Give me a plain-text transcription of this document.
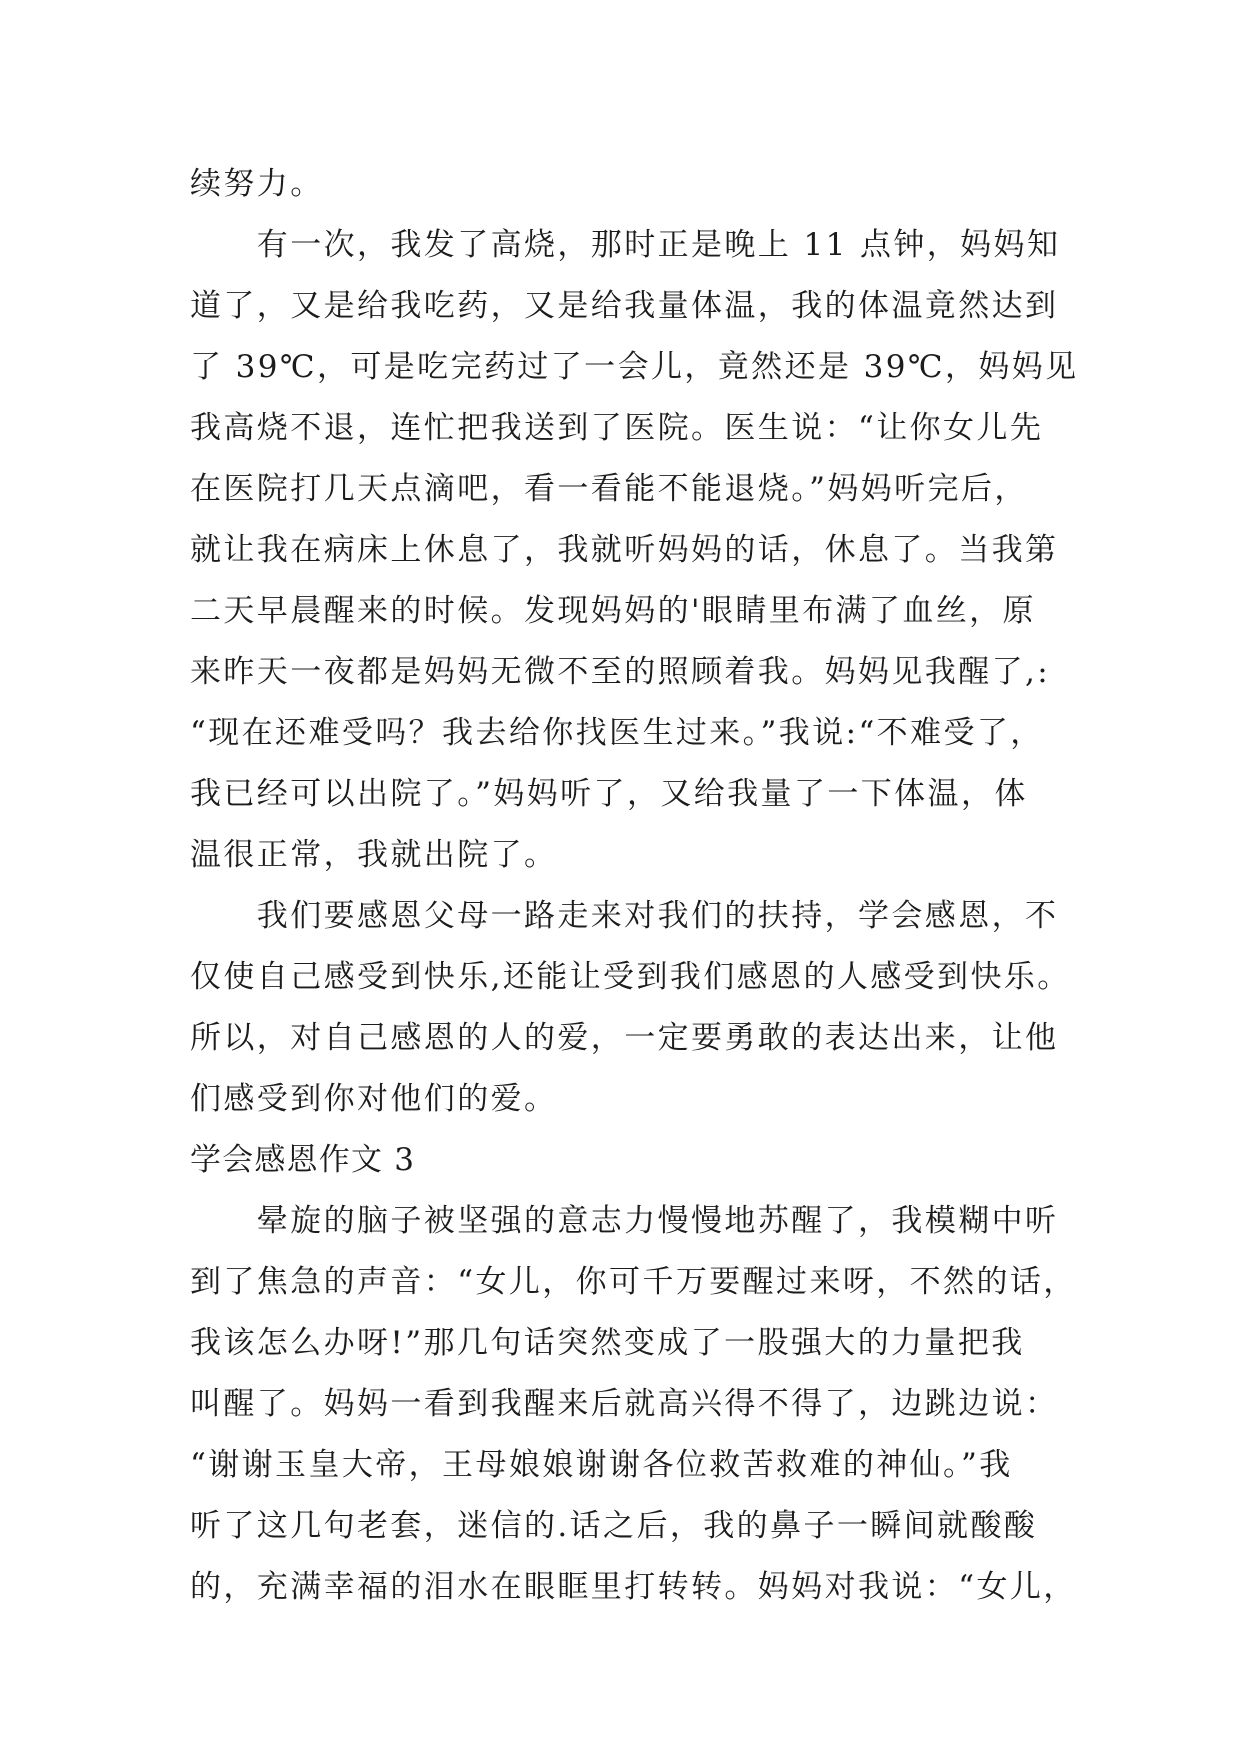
续努力。

　　有一次，我发了高烧，那时正是晚上 11 点钟，妈妈知

道了，又是给我吃药，又是给我量体温，我的体温竟然达到

了 39℃，可是吃完药过了一会儿，竟然还是 39℃，妈妈见

我高烧不退，连忙把我送到了医院。医生说：“让你女儿先

在医院打几天点滴吧，看一看能不能退烧。”妈妈听完后，

就让我在病床上休息了，我就听妈妈的话，休息了。当我第

二天早晨醒来的时候。发现妈妈的'眼睛里布满了血丝，原

来昨天一夜都是妈妈无微不至的照顾着我。妈妈见我醒了,:

“现在还难受吗？我去给你找医生过来。”我说:“不难受了，

我已经可以出院了。”妈妈听了，又给我量了一下体温，体

温很正常，我就出院了。

　　我们要感恩父母一路走来对我们的扶持，学会感恩，不

仅使自己感受到快乐,还能让受到我们感恩的人感受到快乐。

所以，对自己感恩的人的爱，一定要勇敢的表达出来，让他

们感受到你对他们的爱。

学会感恩作文 3

　　晕旋的脑子被坚强的意志力慢慢地苏醒了，我模糊中听

到了焦急的声音：“女儿，你可千万要醒过来呀，不然的话，

我该怎么办呀!”那几句话突然变成了一股强大的力量把我

叫醒了。妈妈一看到我醒来后就高兴得不得了，边跳边说：

“谢谢玉皇大帝，王母娘娘谢谢各位救苦救难的神仙。”我

听了这几句老套，迷信的.话之后，我的鼻子一瞬间就酸酸

的，充满幸福的泪水在眼眶里打转转。妈妈对我说：“女儿，
